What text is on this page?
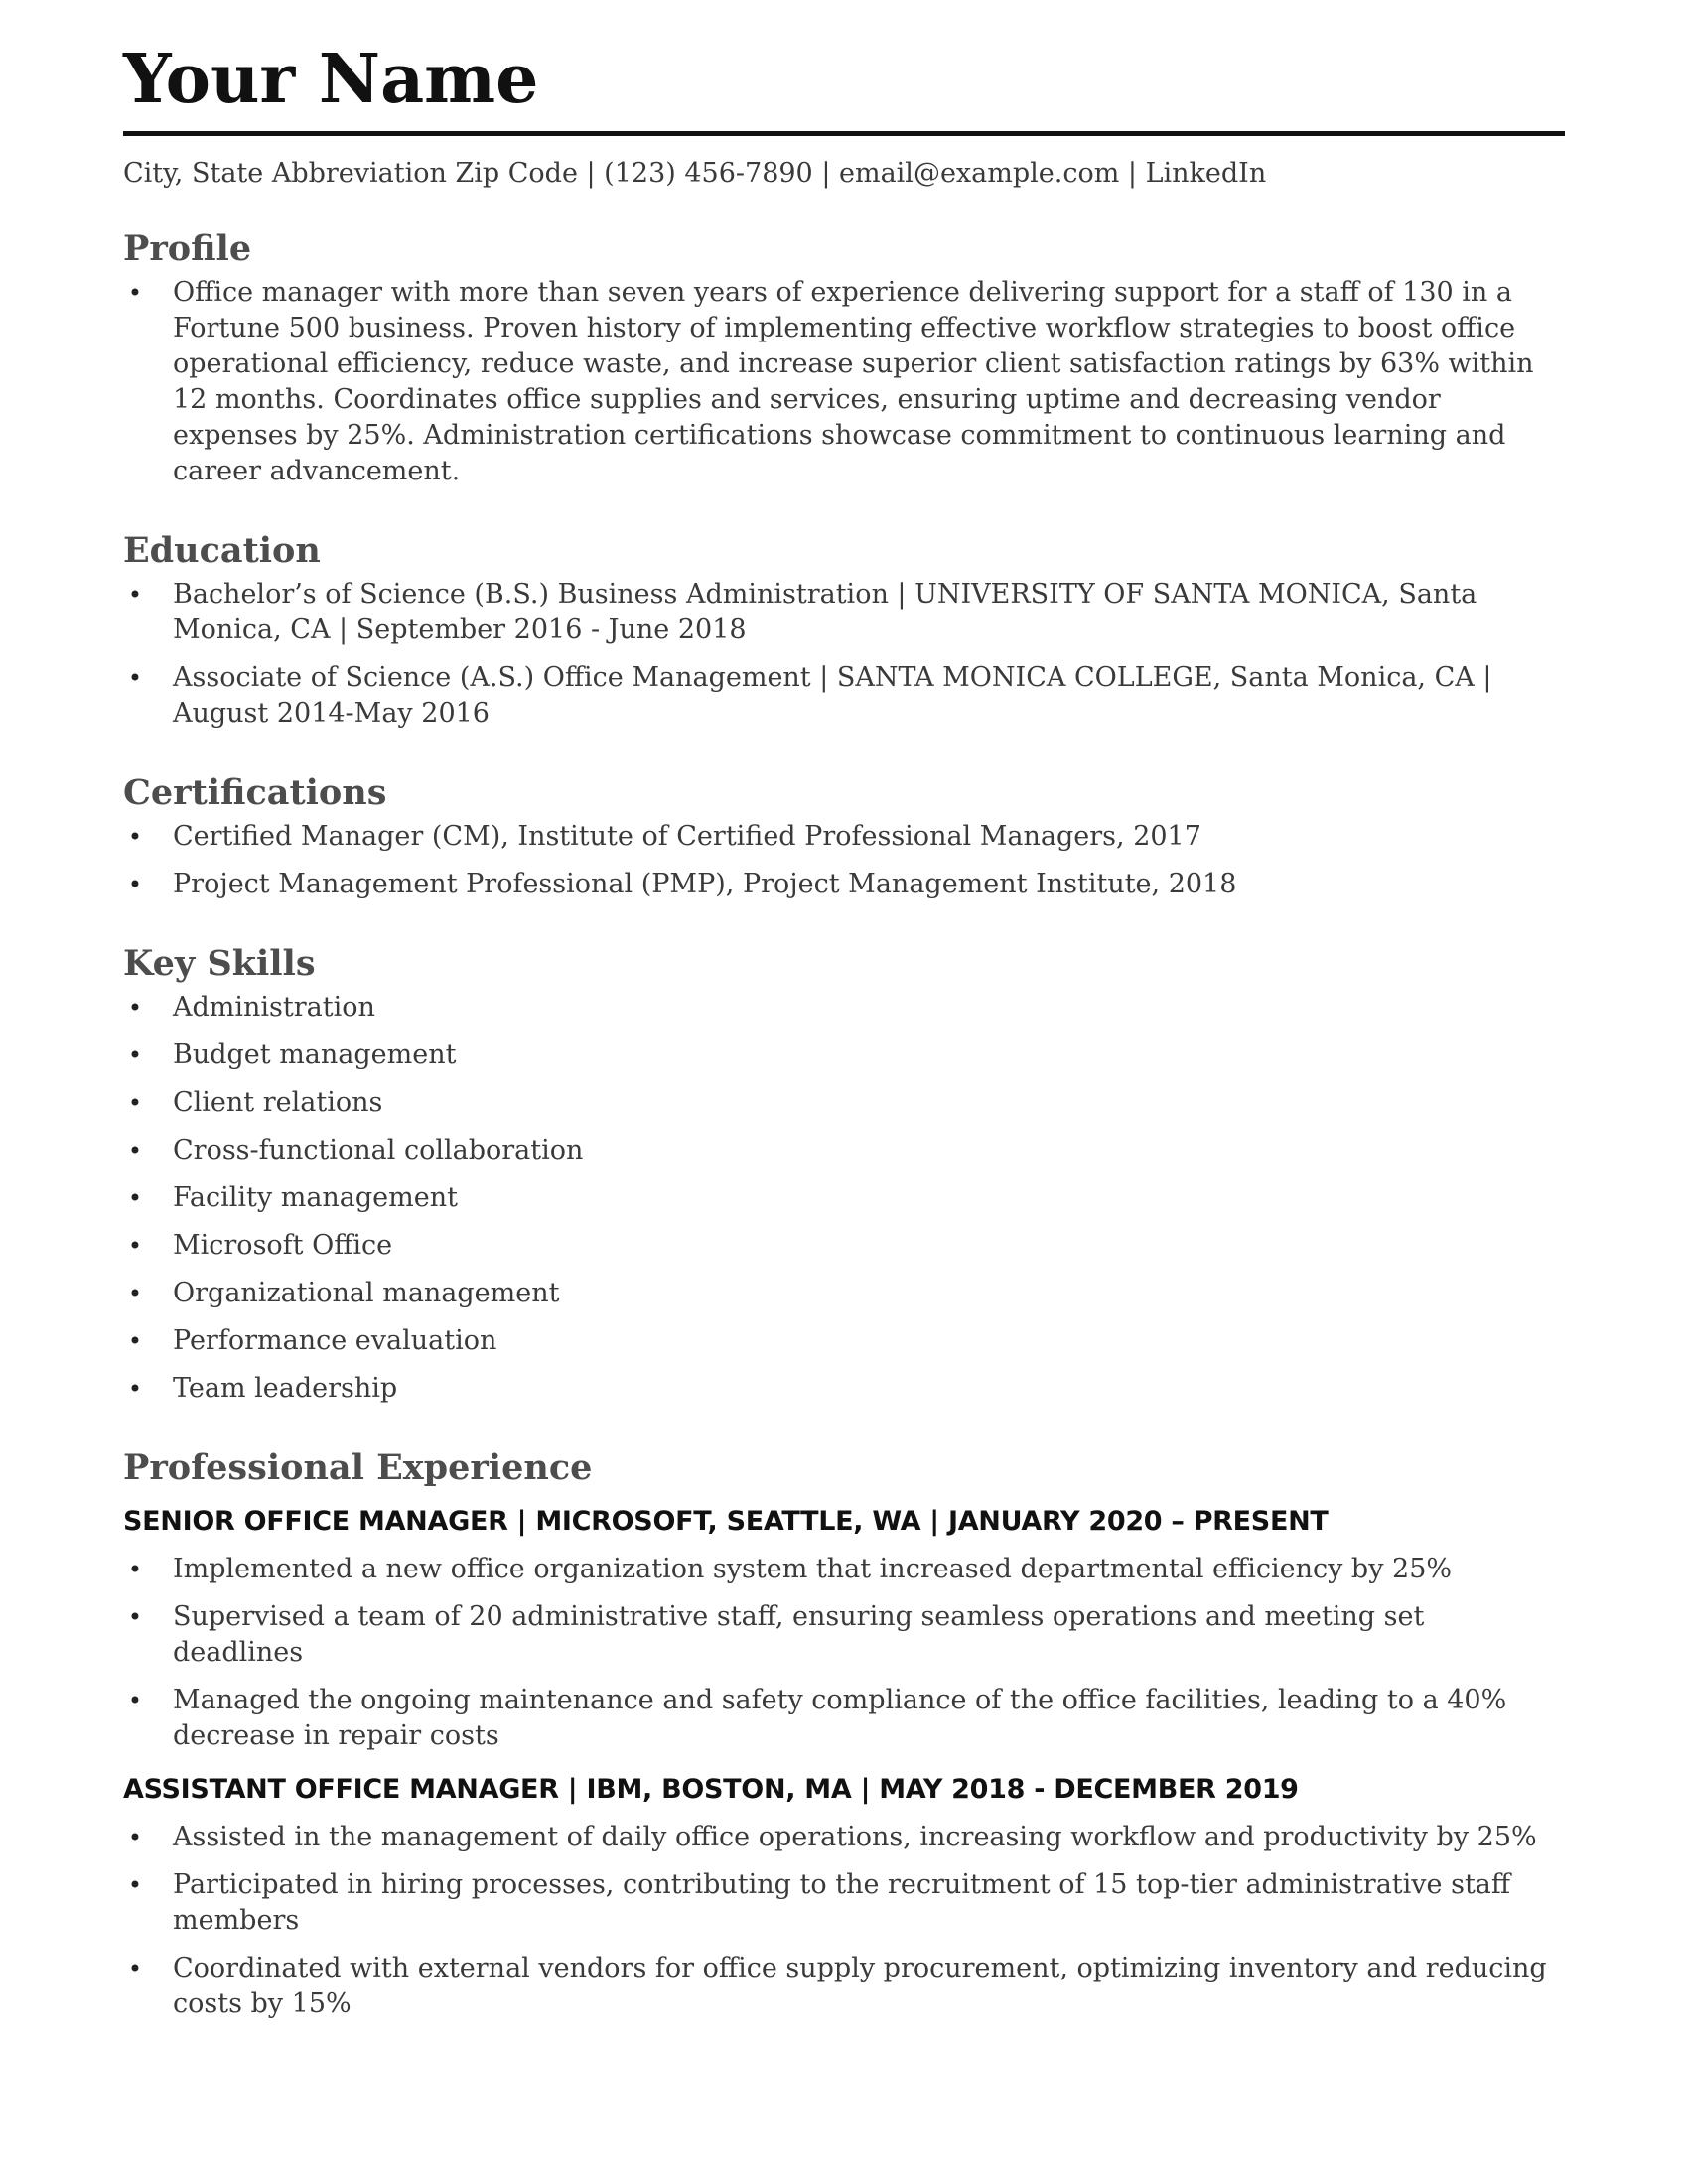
Your Name
City, State Abbreviation Zip Code | (123) 456-7890 | email@example.com | LinkedIn
Profile
• Office manager with more than seven years of experience delivering support for a staff of 130 in a Fortune 500 business. Proven history of implementing effective workflow strategies to boost office operational efficiency, reduce waste, and increase superior client satisfaction ratings by 63% within 12 months. Coordinates office supplies and services, ensuring uptime and decreasing vendor expenses by 25%. Administration certifications showcase commitment to continuous learning and career advancement.
Education
• Bachelor’s of Science (B.S.) Business Administration | UNIVERSITY OF SANTA MONICA, Santa Monica, CA | September 2016 - June 2018
• Associate of Science (A.S.) Office Management | SANTA MONICA COLLEGE, Santa Monica, CA | August 2014-May 2016
Certifications
• Certified Manager (CM), Institute of Certified Professional Managers, 2017
• Project Management Professional (PMP), Project Management Institute, 2018
Key Skills
• Administration
• Budget management
• Client relations
• Cross-functional collaboration
• Facility management
• Microsoft Office
• Organizational management
• Performance evaluation
• Team leadership
Professional Experience
SENIOR OFFICE MANAGER | MICROSOFT, SEATTLE, WA | JANUARY 2020 – PRESENT
• Implemented a new office organization system that increased departmental efficiency by 25%
• Supervised a team of 20 administrative staff, ensuring seamless operations and meeting set deadlines
• Managed the ongoing maintenance and safety compliance of the office facilities, leading to a 40% decrease in repair costs
ASSISTANT OFFICE MANAGER | IBM, BOSTON, MA | MAY 2018 - DECEMBER 2019
• Assisted in the management of daily office operations, increasing workflow and productivity by 25%
• Participated in hiring processes, contributing to the recruitment of 15 top-tier administrative staff members
• Coordinated with external vendors for office supply procurement, optimizing inventory and reducing costs by 15%
